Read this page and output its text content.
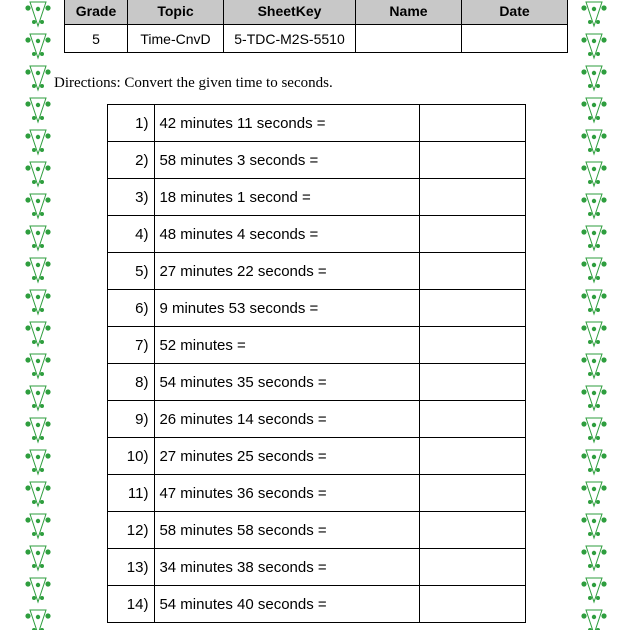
Grade	Topic	SheetKey	Name	Date
5	Time-CnvD	5-TDC-M2S-5510		
Directions: Convert the given time to seconds.
1)	42 minutes 11 seconds =	
2)	58 minutes 3 seconds =	
3)	18 minutes 1 second =	
4)	48 minutes 4 seconds =	
5)	27 minutes 22 seconds =	
6)	9 minutes 53 seconds =	
7)	52 minutes =	
8)	54 minutes 35 seconds =	
9)	26 minutes 14 seconds =	
10)	27 minutes 25 seconds =	
11)	47 minutes 36 seconds =	
12)	58 minutes 58 seconds =	
13)	34 minutes 38 seconds =	
14)	54 minutes 40 seconds =	
